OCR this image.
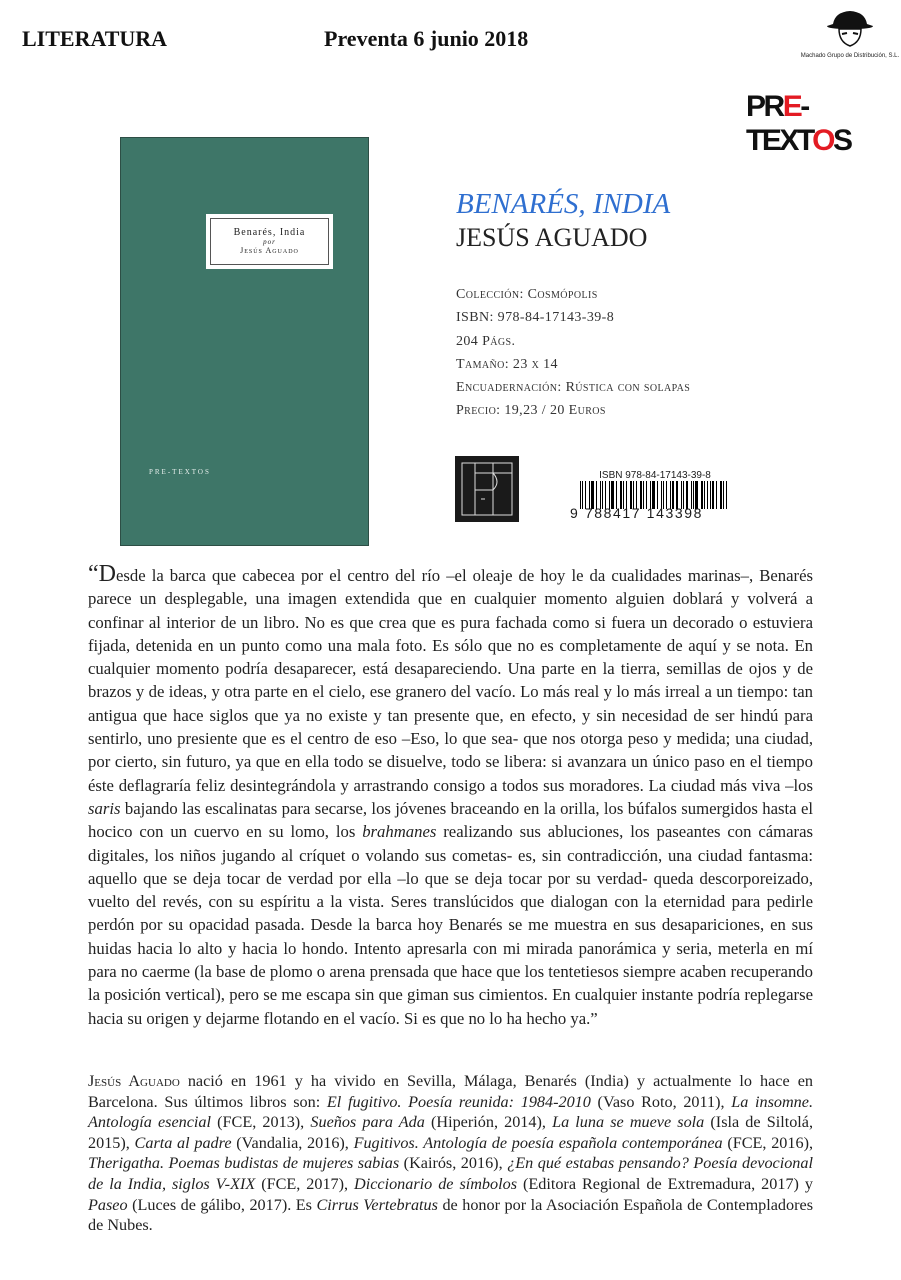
LITERATURA	Preventa 6 junio 2018
Machado Grupo de Distribución, S.L.
PRE-TEXTOS
Benarés, India
por
Jesús Aguado
PRE-TEXTOS
BENARÉS, INDIA
JESÚS AGUADO
Colección: Cosmópolis
ISBN: 978-84-17143-39-8
204 Págs.
Tamaño: 23 x 14
Encuadernación: Rústica con solapas
Precio: 19,23 / 20 Euros
ISBN 978-84-17143-39-8
9 788417 143398
“Desde la barca que cabecea por el centro del río –el oleaje de hoy le da cualidades marinas–, Benarés parece un desplegable, una imagen extendida que en cualquier momento alguien doblará y volverá a confinar al interior de un libro. No es que crea que es pura fachada como si fuera un decorado o estuviera fijada, detenida en un punto como una mala foto. Es sólo que no es completamente de aquí y se nota. En cualquier momento podría desaparecer, está desapareciendo. Una parte en la tierra, semillas de ojos y de brazos y de ideas, y otra parte en el cielo, ese granero del vacío. Lo más real y lo más irreal a un tiempo: tan antigua que hace siglos que ya no existe y tan presente que, en efecto, y sin necesidad de ser hindú para sentirlo, uno presiente que es el centro de eso –Eso, lo que sea- que nos otorga peso y medida; una ciudad, por cierto, sin futuro, ya que en ella todo se disuelve, todo se libera: si avanzara un único paso en el tiempo éste deflagraría feliz desintegrándola y arrastrando consigo a todos sus moradores. La ciudad más viva –los saris bajando las escalinatas para secarse, los jóvenes braceando en la orilla, los búfalos sumergidos hasta el hocico con un cuervo en su lomo, los brahmanes realizando sus abluciones, los paseantes con cámaras digitales, los niños jugando al críquet o volando sus cometas- es, sin contradicción, una ciudad fantasma: aquello que se deja tocar de verdad por ella –lo que se deja tocar por su verdad- queda descorporeizado, vuelto del revés, con su espíritu a la vista. Seres translúcidos que dialogan con la eternidad para pedirle perdón por su opacidad pasada. Desde la barca hoy Benarés se me muestra en sus desapariciones, en sus huidas hacia lo alto y hacia lo hondo. Intento apresarla con mi mirada panorámica y seria, meterla en mí para no caerme (la base de plomo o arena prensada que hace que los tentetiesos siempre acaben recuperando la posición vertical), pero se me escapa sin que giman sus cimientos. En cualquier instante podría replegarse hacia su origen y dejarme flotando en el vacío. Si es que no lo ha hecho ya.”
Jesús Aguado nació en 1961 y ha vivido en Sevilla, Málaga, Benarés (India) y actualmente lo hace en Barcelona. Sus últimos libros son: El fugitivo. Poesía reunida: 1984-2010 (Vaso Roto, 2011), La insomne. Antología esencial (FCE, 2013), Sueños para Ada (Hiperión, 2014), La luna se mueve sola (Isla de Siltolá, 2015), Carta al padre (Vandalia, 2016), Fugitivos. Antología de poesía española contemporánea (FCE, 2016), Therigatha. Poemas budistas de mujeres sabias (Kairós, 2016), ¿En qué estabas pensando? Poesía devocional de la India, siglos V-XIX (FCE, 2017), Diccionario de símbolos (Editora Regional de Extremadura, 2017) y Paseo (Luces de gálibo, 2017). Es Cirrus Vertebratus de honor por la Asociación Española de Contempladores de Nubes.
